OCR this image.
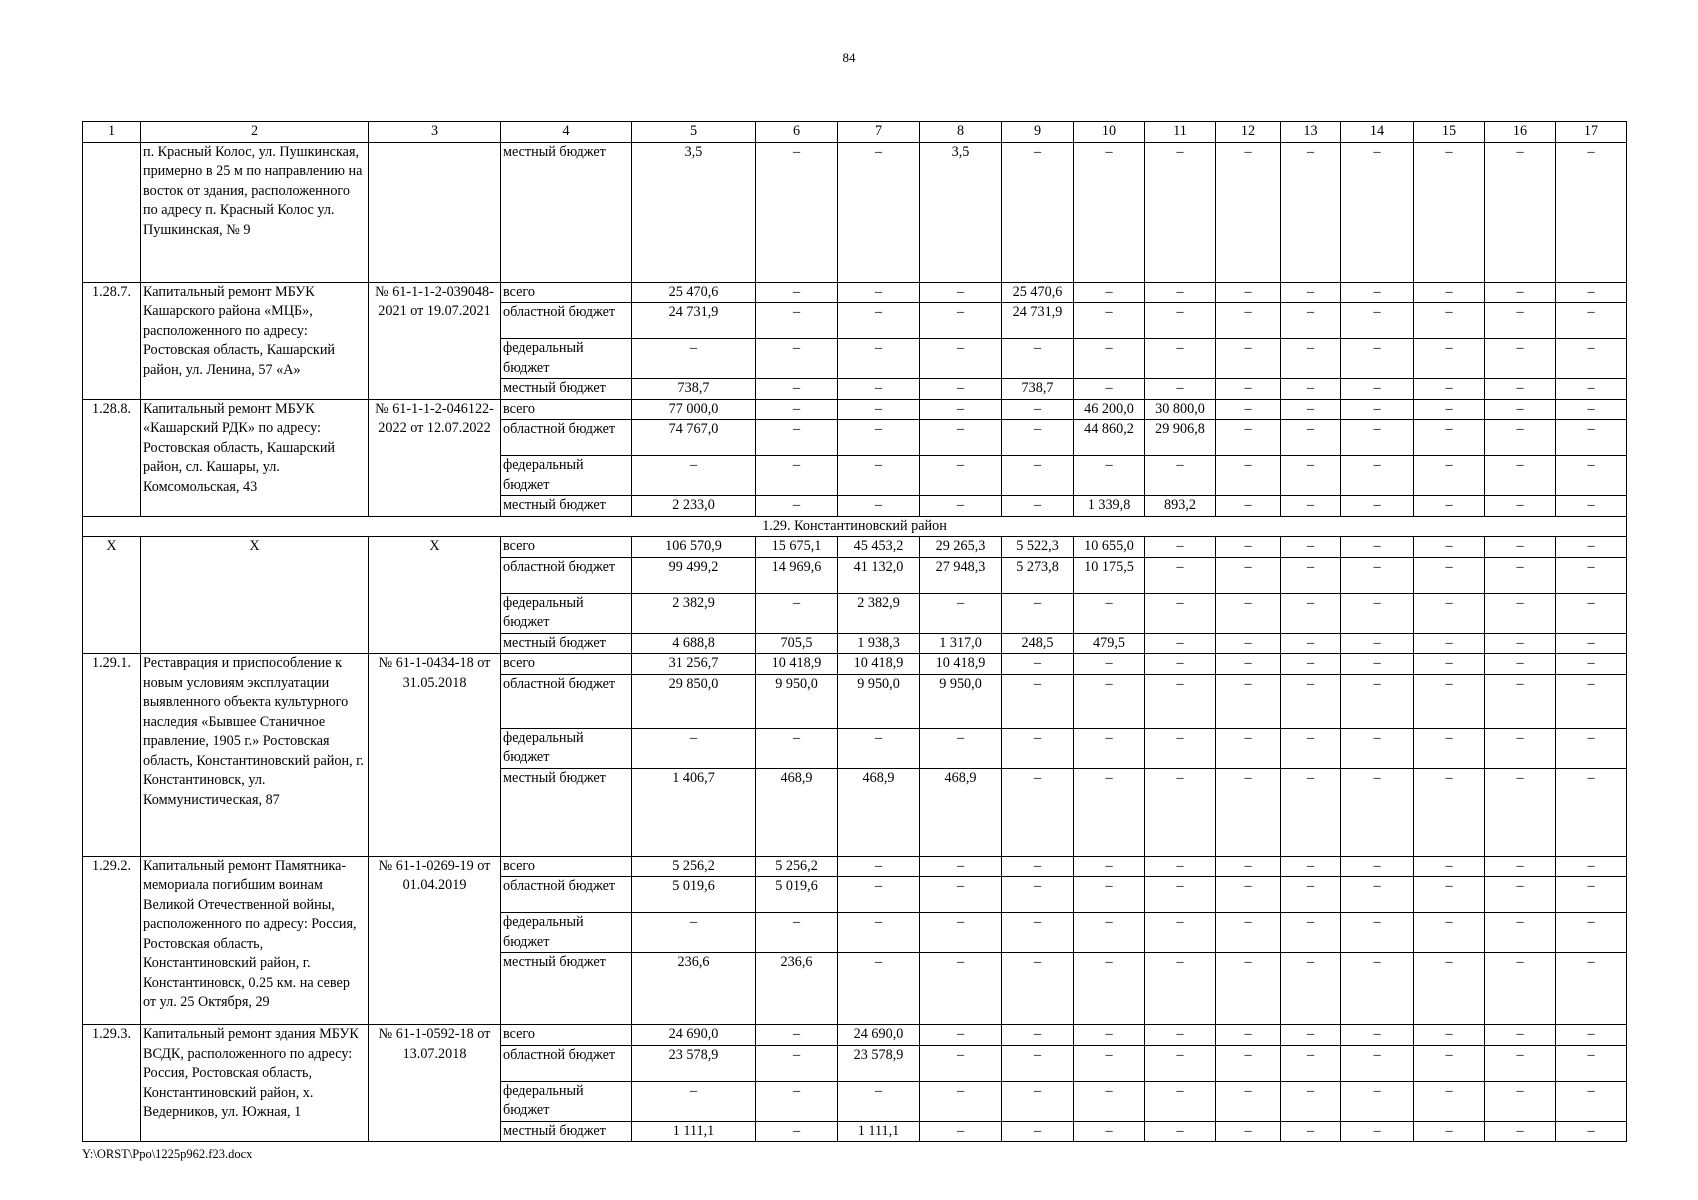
84
1	2	3	4	5	6	7	8	9	10	11	12	13	14	15	16	17
	п. Красный Колос, ул. Пушкинская, примерно в 25 м по направлению на восток от здания, расположенного по адресу п. Красный Колос ул. Пушкинская, № 9		местный бюджет	3,5	–	–	3,5	–	–	–	–	–	–	–	–	–
1.28.7.	Капитальный ремонт МБУК Кашарского района «МЦБ», расположенного по адресу: Ростовская область, Кашарский район, ул. Ленина, 57 «А»	№ 61-1-1-2-039048-2021 от 19.07.2021	всего	25 470,6	–	–	–	25 470,6	–	–	–	–	–	–	–	–
			областной бюджет	24 731,9	–	–	–	24 731,9	–	–	–	–	–	–	–	–
			федеральный бюджет	–	–	–	–	–	–	–	–	–	–	–	–	–
			местный бюджет	738,7	–	–	–	738,7	–	–	–	–	–	–	–	–
1.28.8.	Капитальный ремонт МБУК «Кашарский РДК» по адресу: Ростовская область, Кашарский район, сл. Кашары, ул. Комсомольская, 43	№ 61-1-1-2-046122-2022 от 12.07.2022	всего	77 000,0	–	–	–	–	46 200,0	30 800,0	–	–	–	–	–	–
			областной бюджет	74 767,0	–	–	–	–	44 860,2	29 906,8	–	–	–	–	–	–
			федеральный бюджет	–	–	–	–	–	–	–	–	–	–	–	–	–
			местный бюджет	2 233,0	–	–	–	–	1 339,8	893,2	–	–	–	–	–	–
1.29. Константиновский район																
X	X	X	всего	106 570,9	15 675,1	45 453,2	29 265,3	5 522,3	10 655,0	–	–	–	–	–	–	–
			областной бюджет	99 499,2	14 969,6	41 132,0	27 948,3	5 273,8	10 175,5	–	–	–	–	–	–	–
			федеральный бюджет	2 382,9	–	2 382,9	–	–	–	–	–	–	–	–	–	–
			местный бюджет	4 688,8	705,5	1 938,3	1 317,0	248,5	479,5	–	–	–	–	–	–	–
1.29.1.	Реставрация и приспособление к новым условиям эксплуатации выявленного объекта культурного наследия «Бывшее Станичное правление, 1905 г.» Ростовская область, Константиновский район, г. Константиновск, ул. Коммунистическая, 87	№ 61-1-0434-18 от 31.05.2018	всего	31 256,7	10 418,9	10 418,9	10 418,9	–	–	–	–	–	–	–	–	–
			областной бюджет	29 850,0	9 950,0	9 950,0	9 950,0	–	–	–	–	–	–	–	–	–
			федеральный бюджет	–	–	–	–	–	–	–	–	–	–	–	–	–
			местный бюджет	1 406,7	468,9	468,9	468,9	–	–	–	–	–	–	–	–	–
1.29.2.	Капитальный ремонт Памятника-мемориала погибшим воинам Великой Отечественной войны, расположенного по адресу: Россия, Ростовская область, Константиновский район, г. Константиновск, 0.25 км. на север от ул. 25 Октября, 29	№ 61-1-0269-19 от 01.04.2019	всего	5 256,2	5 256,2	–	–	–	–	–	–	–	–	–	–	–
			областной бюджет	5 019,6	5 019,6	–	–	–	–	–	–	–	–	–	–	–
			федеральный бюджет	–	–	–	–	–	–	–	–	–	–	–	–	–
			местный бюджет	236,6	236,6	–	–	–	–	–	–	–	–	–	–	–
1.29.3.	Капитальный ремонт здания МБУК ВСДК, расположенного по адресу: Россия, Ростовская область, Константиновский район, х. Ведерников, ул. Южная, 1	№ 61-1-0592-18 от 13.07.2018	всего	24 690,0	–	24 690,0	–	–	–	–	–	–	–	–	–	–
			областной бюджет	23 578,9	–	23 578,9	–	–	–	–	–	–	–	–	–	–
			федеральный бюджет	–	–	–	–	–	–	–	–	–	–	–	–	–
			местный бюджет	1 111,1	–	1 111,1	–	–	–	–	–	–	–	–	–	–
Y:\ORST\Ppo\1225p962.f23.docx
